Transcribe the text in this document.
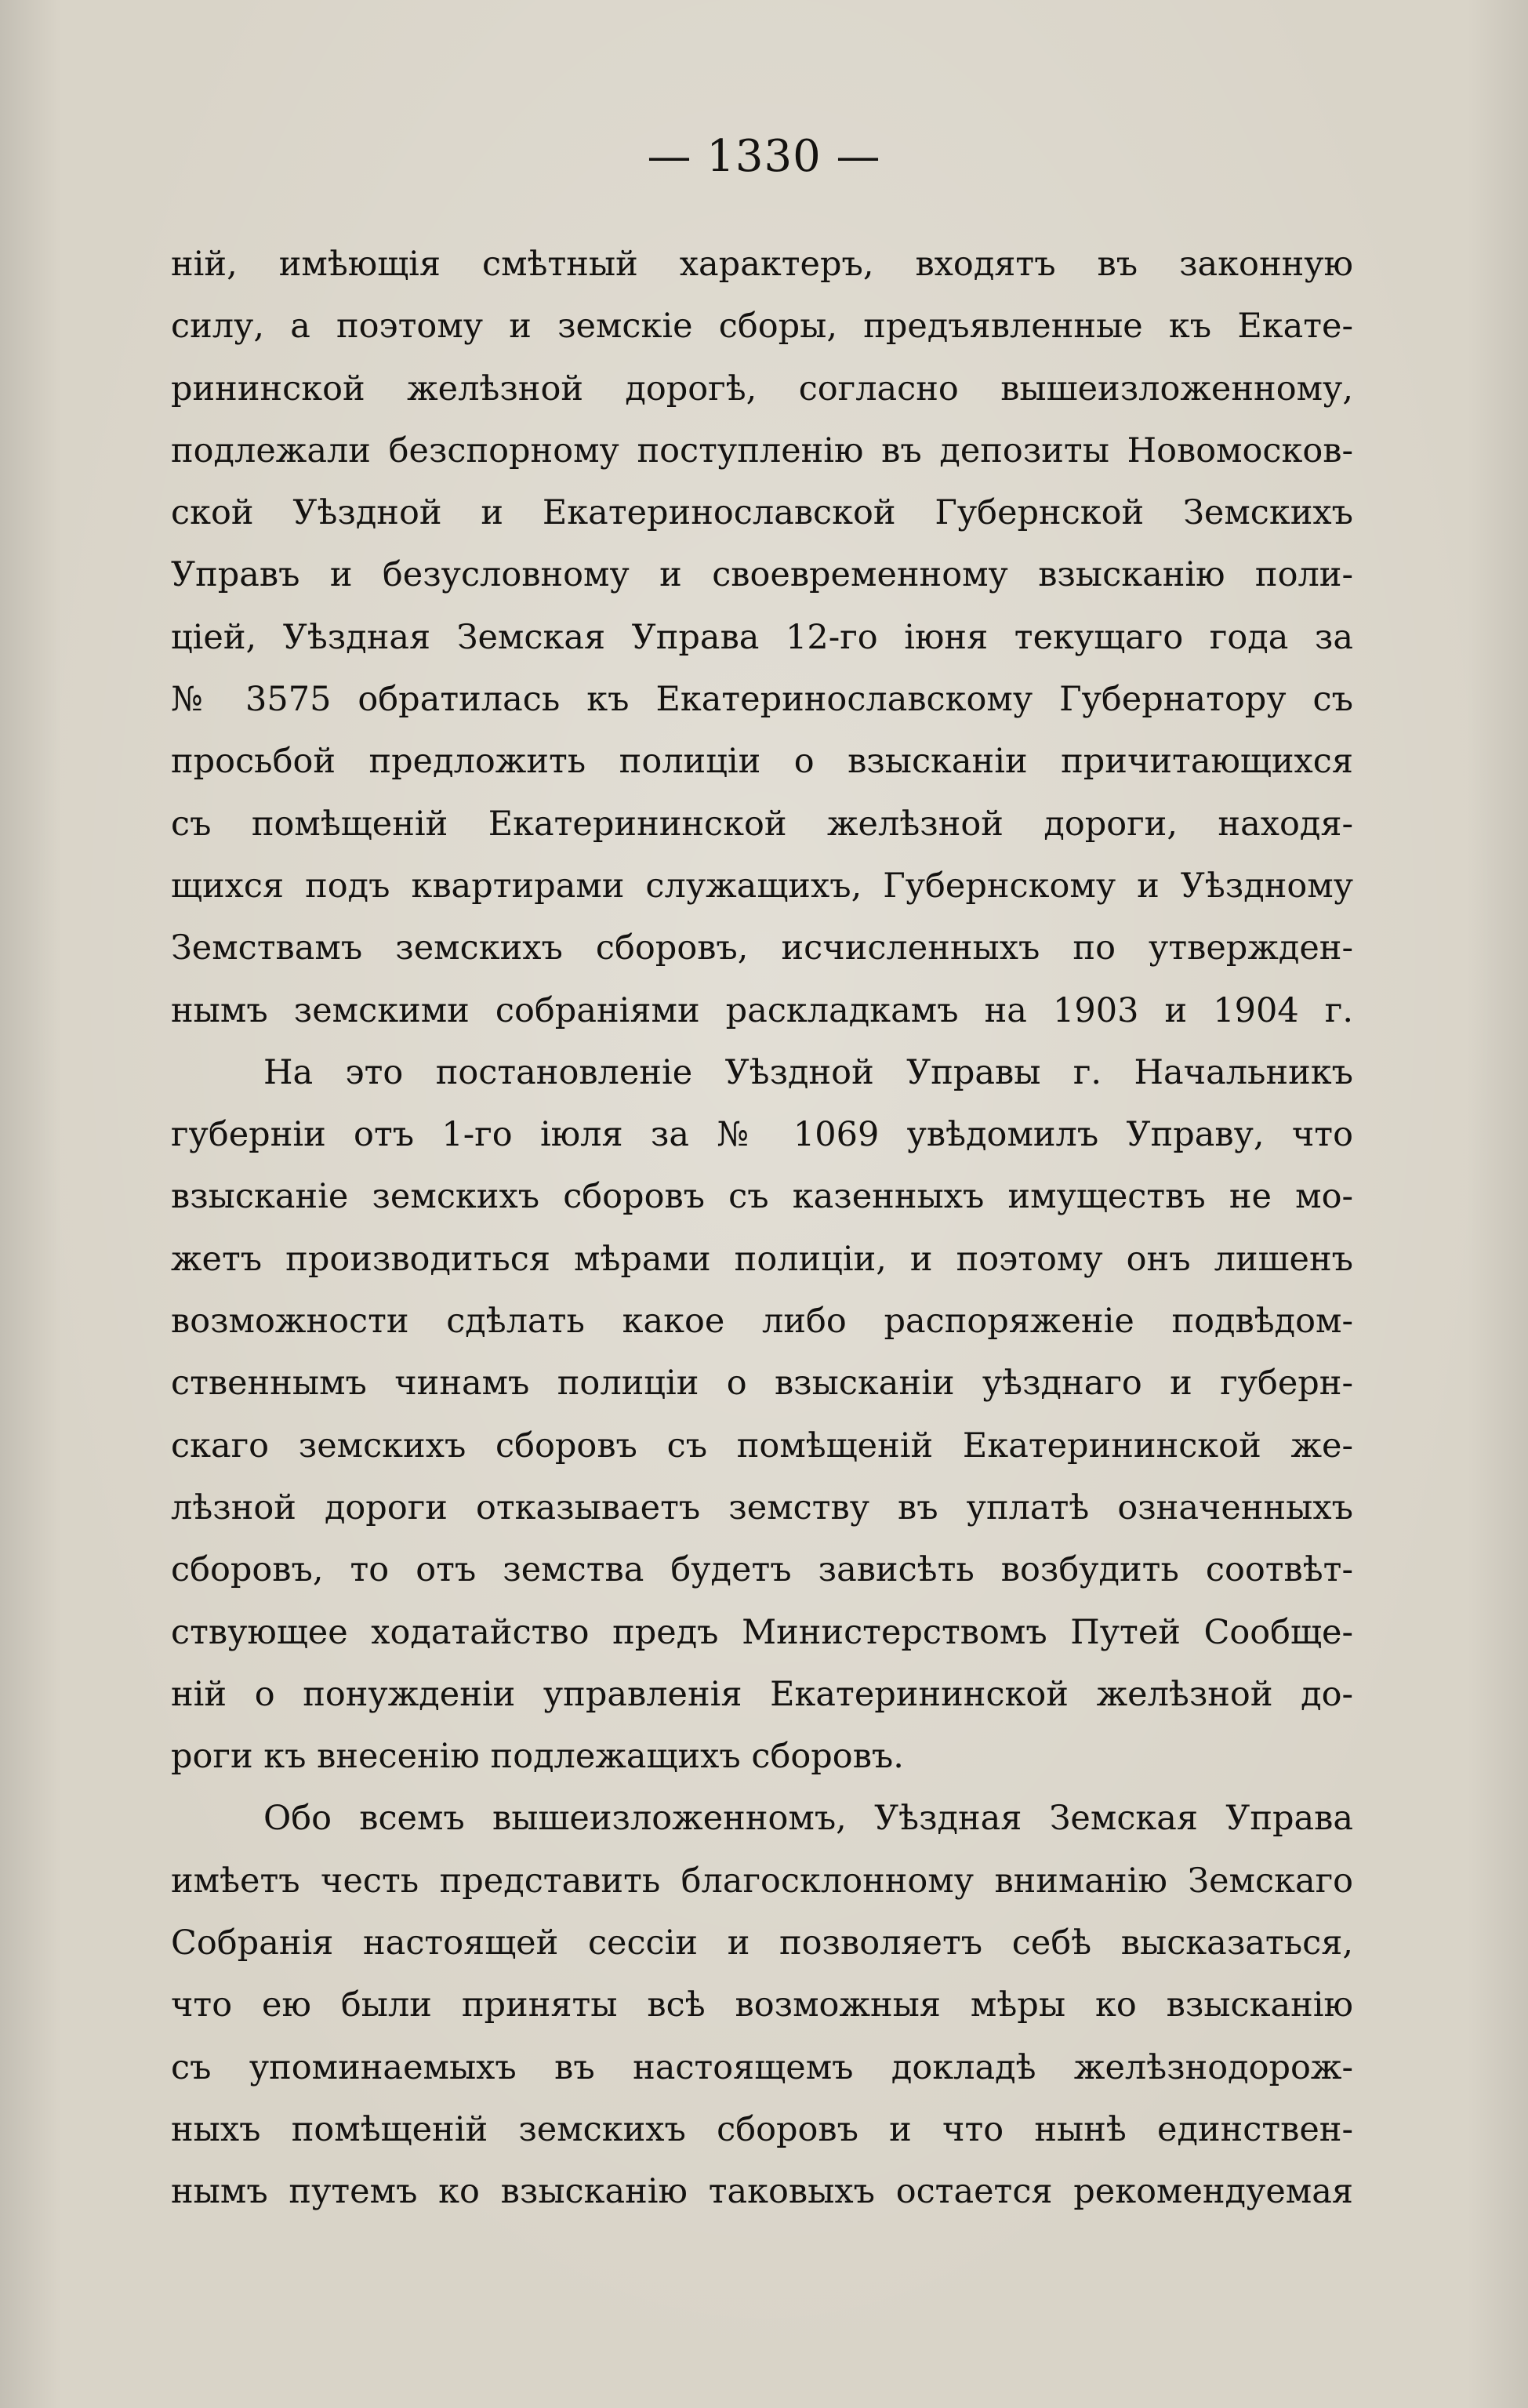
— 1330 —
ній, имѣющія смѣтный характеръ, входятъ въ законную
силу, а поэтому и земскіе сборы, предъявленные къ Екате-
рининской желѣзной дорогѣ, согласно вышеизложенному,
подлежали безспорному поступленію въ депозиты Новомосков-
ской Уѣздной и Екатеринославской Губернской Земскихъ
Управъ и безусловному и своевременному взысканію поли-
ціей, Уѣздная Земская Управа 12-го іюня текущаго года за
№ 3575 обратилась къ Екатеринославскому Губернатору съ
просьбой предложить полиціи о взысканіи причитающихся
съ помѣщеній Екатерининской желѣзной дороги, находя-
щихся подъ квартирами служащихъ, Губернскому и Уѣздному
Земствамъ земскихъ сборовъ, исчисленныхъ по утвержден-
нымъ земскими собраніями раскладкамъ на 1903 и 1904 г.
На это постановленіе Уѣздной Управы г. Начальникъ
губерніи отъ 1-го іюля за № 1069 увѣдомилъ Управу, что
взысканіе земскихъ сборовъ съ казенныхъ имуществъ не мо-
жетъ производиться мѣрами полиціи, и поэтому онъ лишенъ
возможности сдѣлать какое либо распоряженіе подвѣдом-
ственнымъ чинамъ полиціи о взысканіи уѣзднаго и губерн-
скаго земскихъ сборовъ съ помѣщеній Екатерининской же-
лѣзной дороги отказываетъ земству въ уплатѣ означенныхъ
сборовъ, то отъ земства будетъ зависѣть возбудить соотвѣт-
ствующее ходатайство предъ Министерствомъ Путей Сообще-
ній о понужденіи управленія Екатерининской желѣзной до-
роги къ внесенію подлежащихъ сборовъ.
Обо всемъ вышеизложенномъ, Уѣздная Земская Управа
имѣетъ честь представить благосклонному вниманію Земскаго
Собранія настоящей сессіи и позволяетъ себѣ высказаться,
что ею были приняты всѣ возможныя мѣры ко взысканію
съ упоминаемыхъ въ настоящемъ докладѣ желѣзнодорож-
ныхъ помѣщеній земскихъ сборовъ и что нынѣ единствен-
нымъ путемъ ко взысканію таковыхъ остается рекомендуемая
